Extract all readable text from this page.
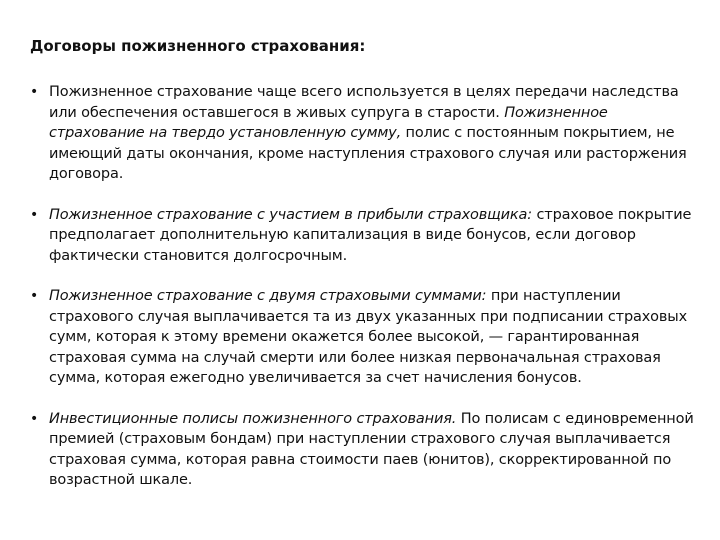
Договоры пожизненного страхования:
• Пожизненное страхование чаще всего используется в целях передачи наследства или обеспечения оставшегося в живых супруга в старости. Пожизненное страхование на твердо установленную сумму, полис с постоянным покрытием, не имеющий даты окончания, кроме наступления страхового случая или расторжения договора.
• Пожизненное страхование с участием в прибыли страховщика: страховое покрытие предполагает дополнительную капитализация в виде бонусов, если договор фактически становится долгосрочным.
• Пожизненное страхование с двумя страховыми суммами: при наступлении страхового случая выплачивается та из двух указанных при подписании страховых сумм, которая к этому времени окажется более высокой, — гарантированная страховая сумма на случай смерти или более низкая первоначальная страховая сумма, которая ежегодно увеличивается за счет начисления бонусов.
• Инвестиционные полисы пожизненного страхования. По полисам с единовременной премией (страховым бондам) при наступлении страхового случая выплачивается страховая сумма, которая равна стоимости паев (юнитов), скорректированной по возрастной шкале.
